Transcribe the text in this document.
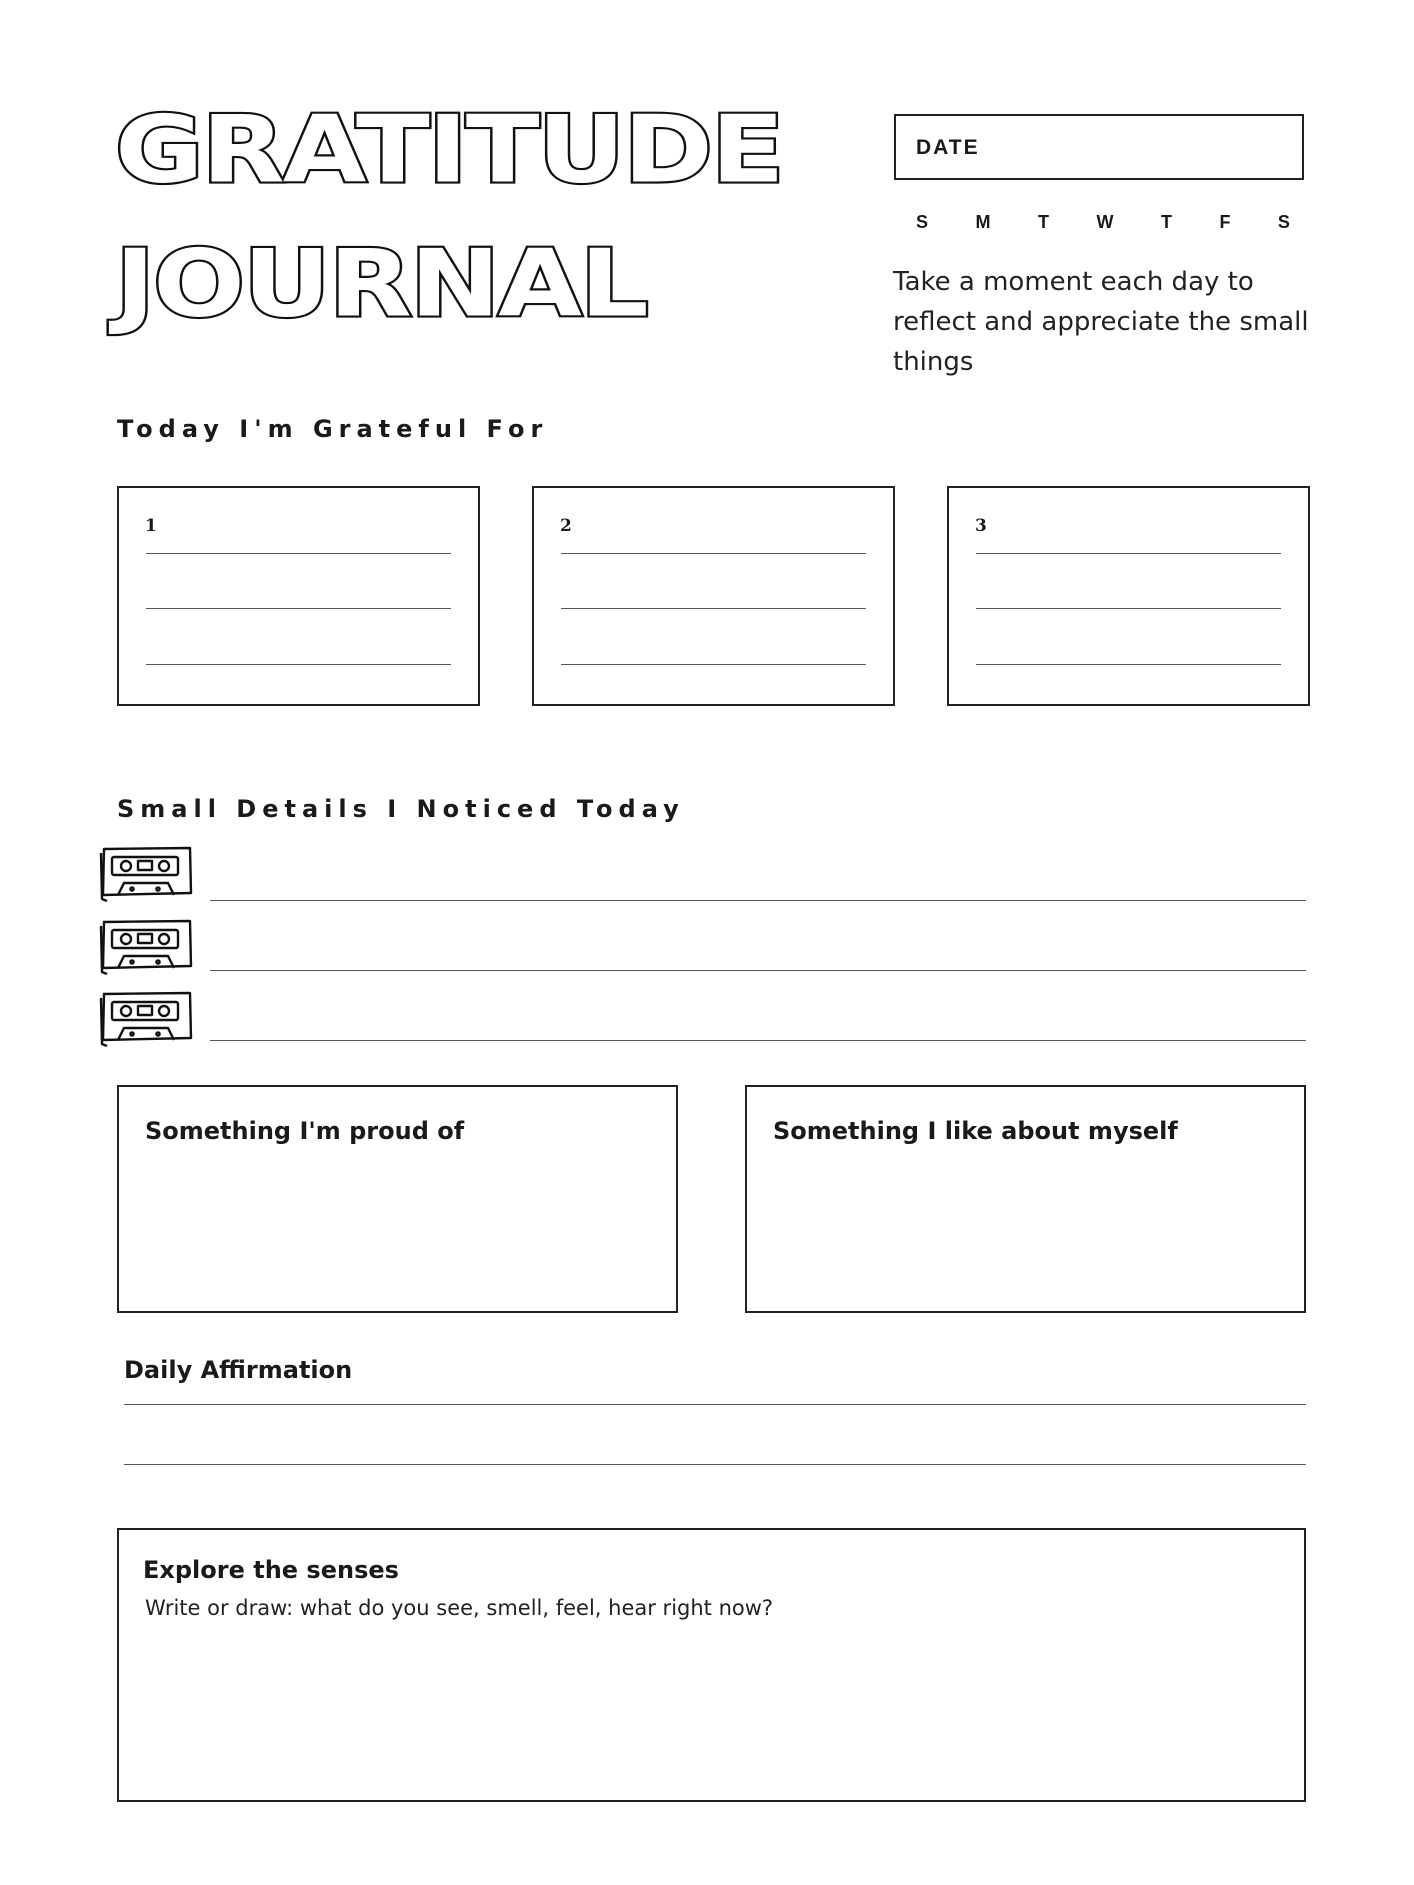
GRATITUDE
JOURNAL
DATE
S	M	T	W	T	F	S
Take a moment each day to reflect and appreciate the small things
Today I'm Grateful For
1	2	3
Small Details I Noticed Today
Something I'm proud of	Something I like about myself
Daily Affirmation
Explore the senses
Write or draw: what do you see, smell, feel, hear right now?
